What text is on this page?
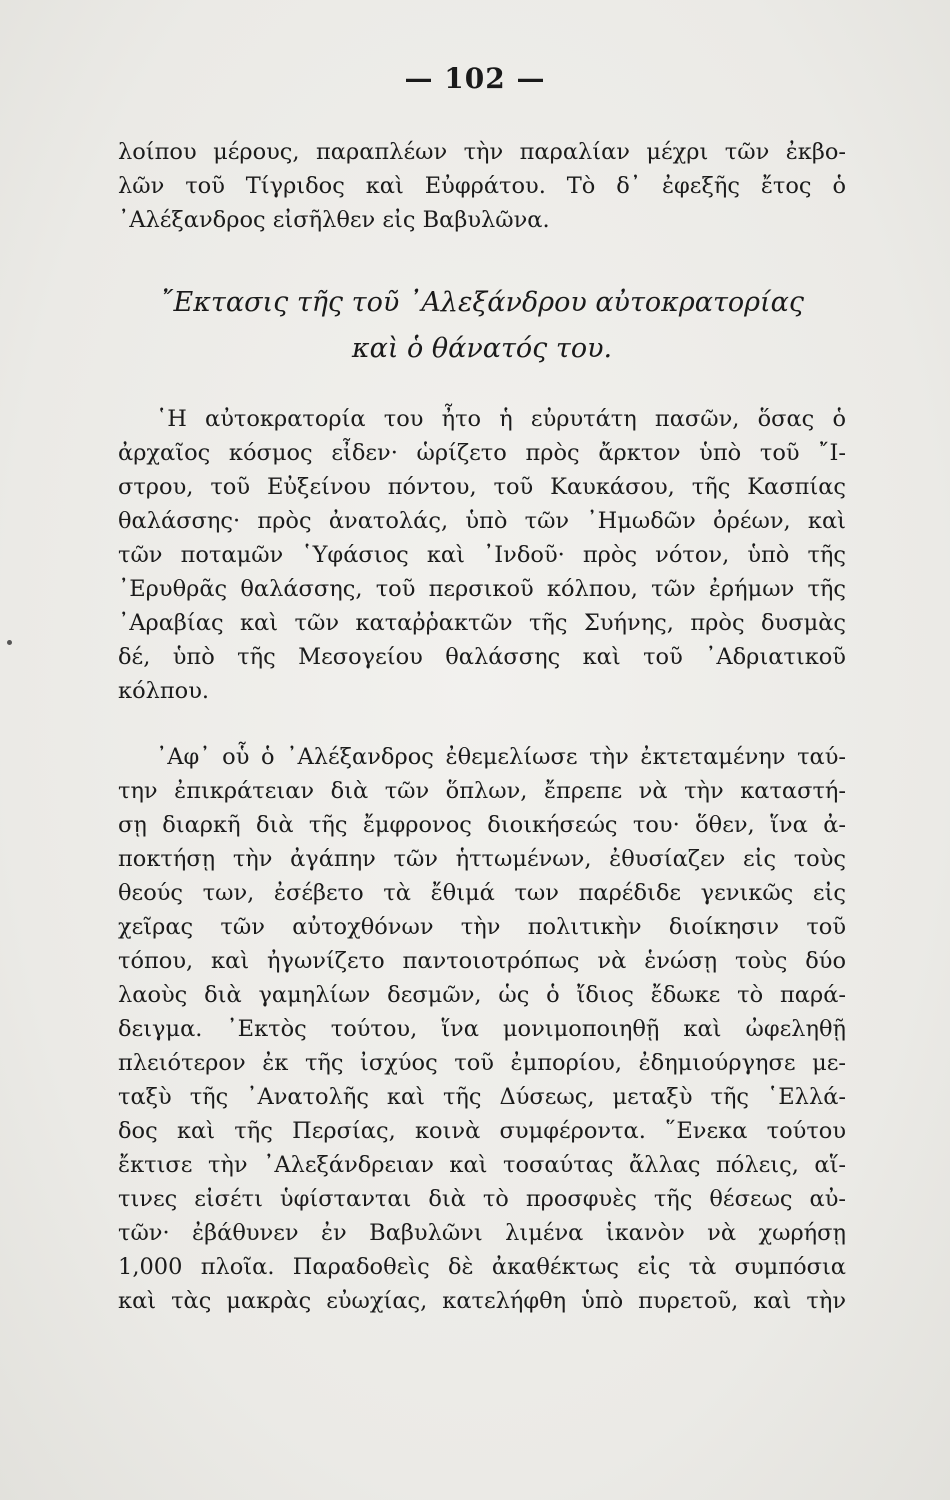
— 102 —
λοίπου μέρους, παραπλέων τὴν παραλίαν μέχρι τῶν ἐκβο-
λῶν τοῦ Τίγριδος καὶ Εὐφράτου. Τὸ δ᾽ ἐφεξῆς ἔτος ὁ
᾽Αλέξανδρος εἰσῆλθεν εἰς Βαβυλῶνα.
῎Εκτασις τῆς τοῦ ᾽Αλεξάνδρου αὐτοκρατορίας
καὶ ὁ θάνατός του.
῾Η αὐτοκρατορία του ἦτο ἡ εὐρυτάτη πασῶν, ὅσας ὁ
ἀρχαῖος κόσμος εἶδεν· ὡρίζετο πρὸς ἄρκτον ὑπὸ τοῦ ῎Ι-
στρου, τοῦ Εὐξείνου πόντου, τοῦ Καυκάσου, τῆς Κασπίας
θαλάσσης· πρὸς ἀνατολάς, ὑπὸ τῶν ᾽Ημωδῶν ὀρέων, καὶ
τῶν ποταμῶν ῾Υφάσιος καὶ ᾽Ινδοῦ· πρὸς νότον, ὑπὸ τῆς
᾽Ερυθρᾶς θαλάσσης, τοῦ περσικοῦ κόλπου, τῶν ἐρήμων τῆς
᾽Αραβίας καὶ τῶν καταῤῥακτῶν τῆς Συήνης, πρὸς δυσμὰς
δέ, ὑπὸ τῆς Μεσογείου θαλάσσης καὶ τοῦ ᾽Αδριατικοῦ
κόλπου.
᾽Αφ᾽ οὗ ὁ ᾽Αλέξανδρος ἐθεμελίωσε τὴν ἐκτεταμένην ταύ-
την ἐπικράτειαν διὰ τῶν ὅπλων, ἔπρεπε νὰ τὴν καταστή-
σῃ διαρκῆ διὰ τῆς ἔμφρονος διοικήσεώς του· ὅθεν, ἵνα ἀ-
ποκτήσῃ τὴν ἀγάπην τῶν ἡττωμένων, ἐθυσίαζεν εἰς τοὺς
θεούς των, ἐσέβετο τὰ ἔθιμά των παρέδιδε γενικῶς εἰς
χεῖρας τῶν αὐτοχθόνων τὴν πολιτικὴν διοίκησιν τοῦ
τόπου, καὶ ἠγωνίζετο παντοιοτρόπως νὰ ἑνώσῃ τοὺς δύο
λαοὺς διὰ γαμηλίων δεσμῶν, ὡς ὁ ἴδιος ἔδωκε τὸ παρά-
δειγμα. ᾽Εκτὸς τούτου, ἵνα μονιμοποιηθῇ καὶ ὠφεληθῇ
πλειότερον ἐκ τῆς ἰσχύος τοῦ ἐμπορίου, ἐδημιούργησε με-
ταξὺ τῆς ᾽Ανατολῆς καὶ τῆς Δύσεως, μεταξὺ τῆς ῾Ελλά-
δος καὶ τῆς Περσίας, κοινὰ συμφέροντα. ῞Ενεκα τούτου
ἔκτισε τὴν ᾽Αλεξάνδρειαν καὶ τοσαύτας ἄλλας πόλεις, αἵ-
τινες εἰσέτι ὑφίστανται διὰ τὸ προσφυὲς τῆς θέσεως αὐ-
τῶν· ἐβάθυνεν ἐν Βαβυλῶνι λιμένα ἱκανὸν νὰ χωρήσῃ
1,000 πλοῖα. Παραδοθεὶς δὲ ἀκαθέκτως εἰς τὰ συμπόσια
καὶ τὰς μακρὰς εὐωχίας, κατελήφθη ὑπὸ πυρετοῦ, καὶ τὴν
